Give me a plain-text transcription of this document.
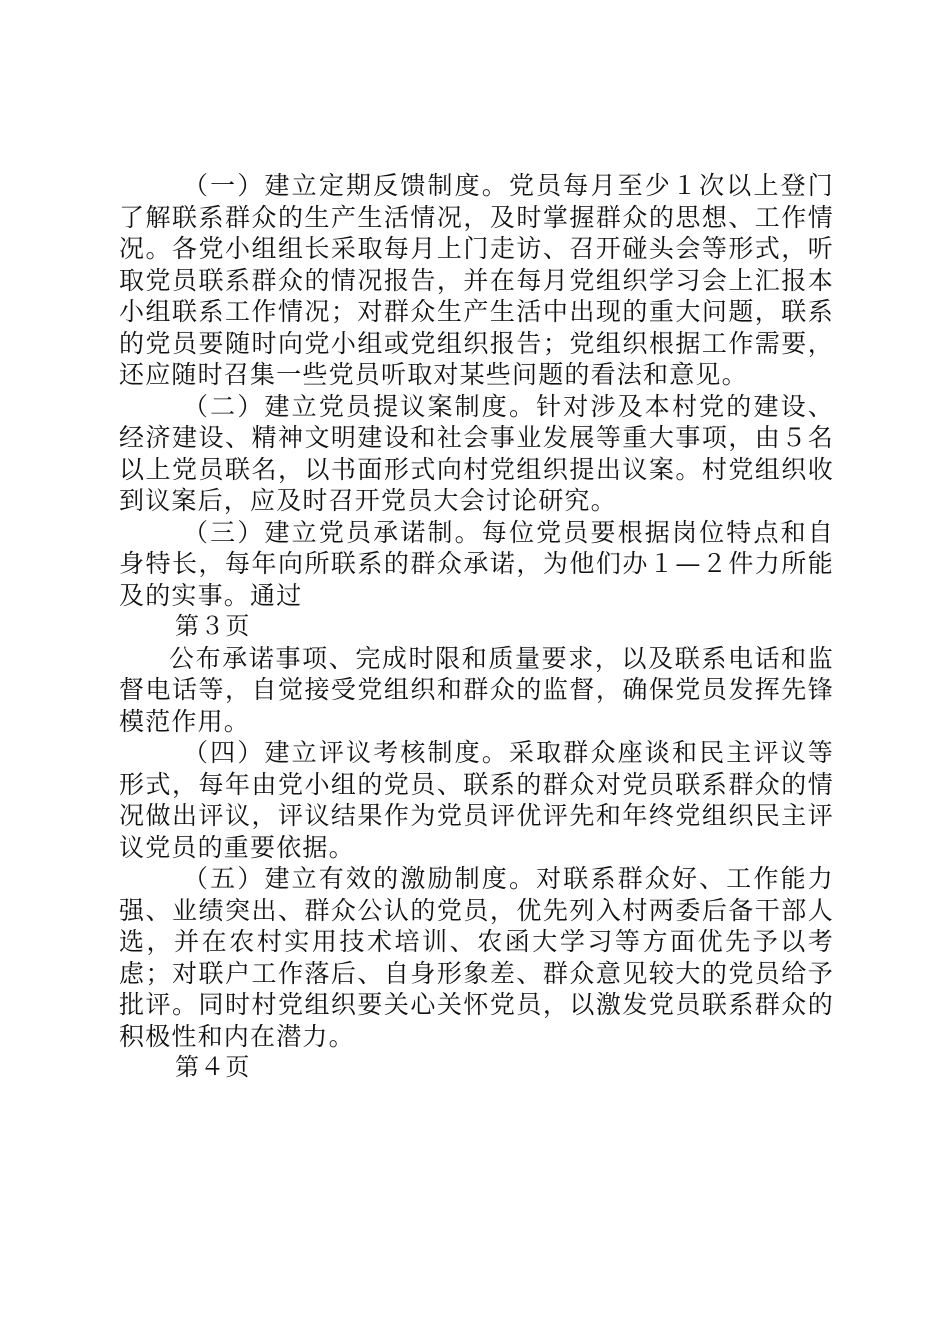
（一）建立定期反馈制度。党员每月至少１次以上登门了解联系群众的生产生活情况，及时掌握群众的思想、工作情况。各党小组组长采取每月上门走访、召开碰头会等形式，听取党员联系群众的情况报告，并在每月党组织学习会上汇报本小组联系工作情况；对群众生产生活中出现的重大问题，联系的党员要随时向党小组或党组织报告；党组织根据工作需要，还应随时召集一些党员听取对某些问题的看法和意见。

（二）建立党员提议案制度。针对涉及本村党的建设、经济建设、精神文明建设和社会事业发展等重大事项，由５名以上党员联名，以书面形式向村党组织提出议案。村党组织收到议案后，应及时召开党员大会讨论研究。

（三）建立党员承诺制。每位党员要根据岗位特点和自身特长，每年向所联系的群众承诺，为他们办１—２件力所能及的实事。通过

第３页

公布承诺事项、完成时限和质量要求，以及联系电话和监督电话等，自觉接受党组织和群众的监督，确保党员发挥先锋模范作用。

（四）建立评议考核制度。采取群众座谈和民主评议等形式，每年由党小组的党员、联系的群众对党员联系群众的情况做出评议，评议结果作为党员评优评先和年终党组织民主评议党员的重要依据。

（五）建立有效的激励制度。对联系群众好、工作能力强、业绩突出、群众公认的党员，优先列入村两委后备干部人选，并在农村实用技术培训、农函大学习等方面优先予以考虑；对联户工作落后、自身形象差、群众意见较大的党员给予批评。同时村党组织要关心关怀党员，以激发党员联系群众的积极性和内在潜力。

第４页
